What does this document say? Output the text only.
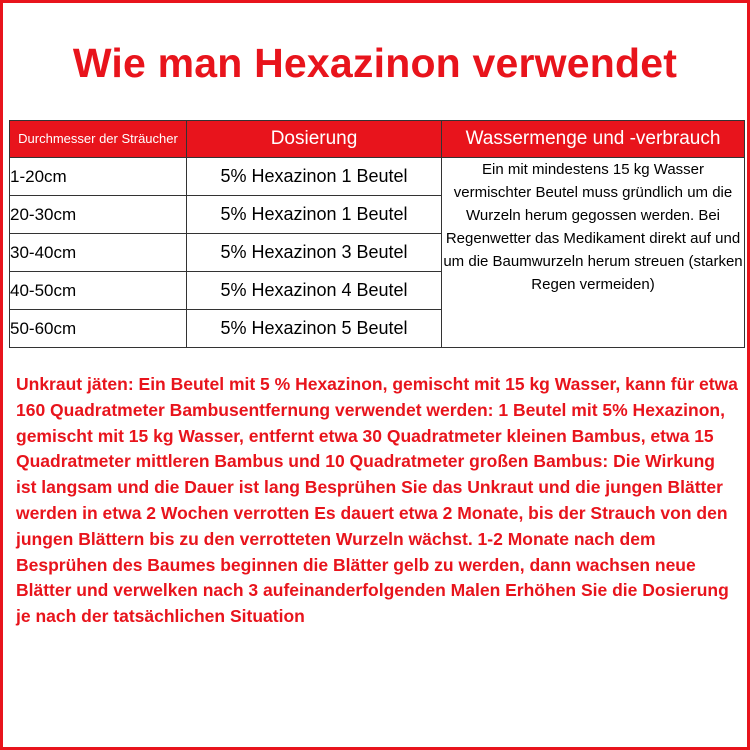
Wie man Hexazinon verwendet
Durchmesser der Sträucher	Dosierung	Wassermenge und -verbrauch
1-20cm	5% Hexazinon 1 Beutel	Ein mit mindestens 15 kg Wasser vermischter Beutel muss gründlich um die Wurzeln herum gegossen werden. Bei Regenwetter das Medikament direkt auf und um die Baumwurzeln herum streuen (starken Regen vermeiden)
20-30cm	5% Hexazinon 1 Beutel	
30-40cm	5% Hexazinon 3 Beutel	
40-50cm	5% Hexazinon 4 Beutel	
50-60cm	5% Hexazinon 5 Beutel	
Unkraut jäten: Ein Beutel mit 5 % Hexazinon, gemischt mit 15 kg Wasser, kann für etwa 160 Quadratmeter Bambusentfernung verwendet werden: 1 Beutel mit 5% Hexazinon, gemischt mit 15 kg Wasser, entfernt etwa 30 Quadratmeter kleinen Bambus, etwa 15 Quadratmeter mittleren Bambus und 10 Quadratmeter großen Bambus: Die Wirkung ist langsam und die Dauer ist lang Besprühen Sie das Unkraut und die jungen Blätter werden in etwa 2 Wochen verrotten Es dauert etwa 2 Monate, bis der Strauch von den jungen Blättern bis zu den verrotteten Wurzeln wächst. 1-2 Monate nach dem Besprühen des Baumes beginnen die Blätter gelb zu werden, dann wachsen neue Blätter und verwelken nach 3 aufeinanderfolgenden Malen Erhöhen Sie die Dosierung je nach der tatsächlichen Situation
